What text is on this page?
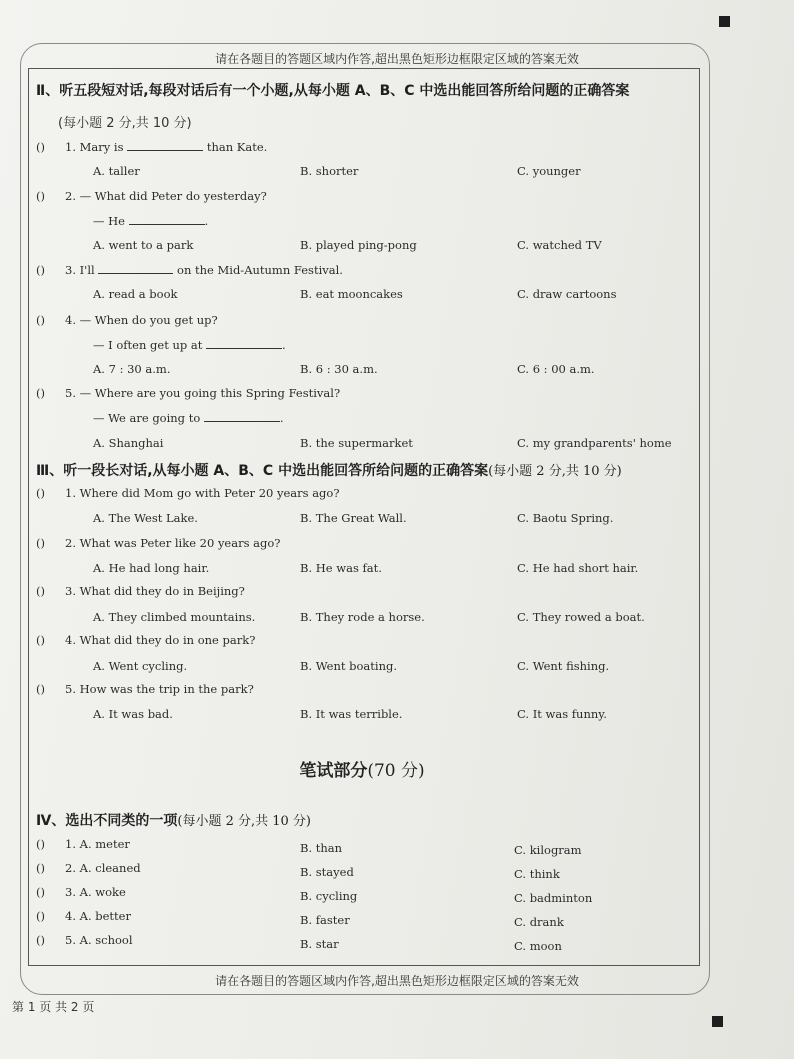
请在各题目的答题区域内作答,超出黑色矩形边框限定区域的答案无效
请在各题目的答题区域内作答,超出黑色矩形边框限定区域的答案无效
Ⅱ、听五段短对话,每段对话后有一个小题,从每小题 A、B、C 中选出能回答所给问题的正确答案
(每小题 2 分,共 10 分)
( ) 1. Mary is	than Kate.
A. taller	B. shorter	C. younger
( ) 2. — What did Peter do yesterday?
— He	.
A. went to a park	B. played ping-pong	C. watched TV
( ) 3. I'll	on the Mid-Autumn Festival.
A. read a book	B. eat mooncakes	C. draw cartoons
( ) 4. — When do you get up?
— I often get up at	.
A. 7 : 30 a.m.	B. 6 : 30 a.m.	C. 6 : 00 a.m.
( ) 5. — Where are you going this Spring Festival?
— We are going to	.
A. Shanghai	B. the supermarket	C. my grandparents' home
( ) 1. Where did Mom go with Peter 20 years ago?
A. The West Lake.	B. The Great Wall.	C. Baotu Spring.
( ) 2. What was Peter like 20 years ago?
A. He had long hair.	B. He was fat.	C. He had short hair.
( ) 3. What did they do in Beijing?
A. They climbed mountains.	B. They rode a horse.	C. They rowed a boat.
( ) 4. What did they do in one park?
A. Went cycling.	B. Went boating.	C. Went fishing.
( ) 5. How was the trip in the park?
A. It was bad.	B. It was terrible.	C. It was funny.
Ⅲ、听一段长对话,从每小题 A、B、C 中选出能回答所给问题的正确答案(每小题 2 分,共 10 分)
笔试部分(70 分)
Ⅳ、选出不同类的一项(每小题 2 分,共 10 分)
( ) 1. A. meter	B. than	C. kilogram
( ) 2. A. cleaned	B. stayed	C. think
( ) 3. A. woke	B. cycling	C. badminton
( ) 4. A. better	B. faster	C. drank
( ) 5. A. school	B. star	C. moon
第 1 页 共 2 页
